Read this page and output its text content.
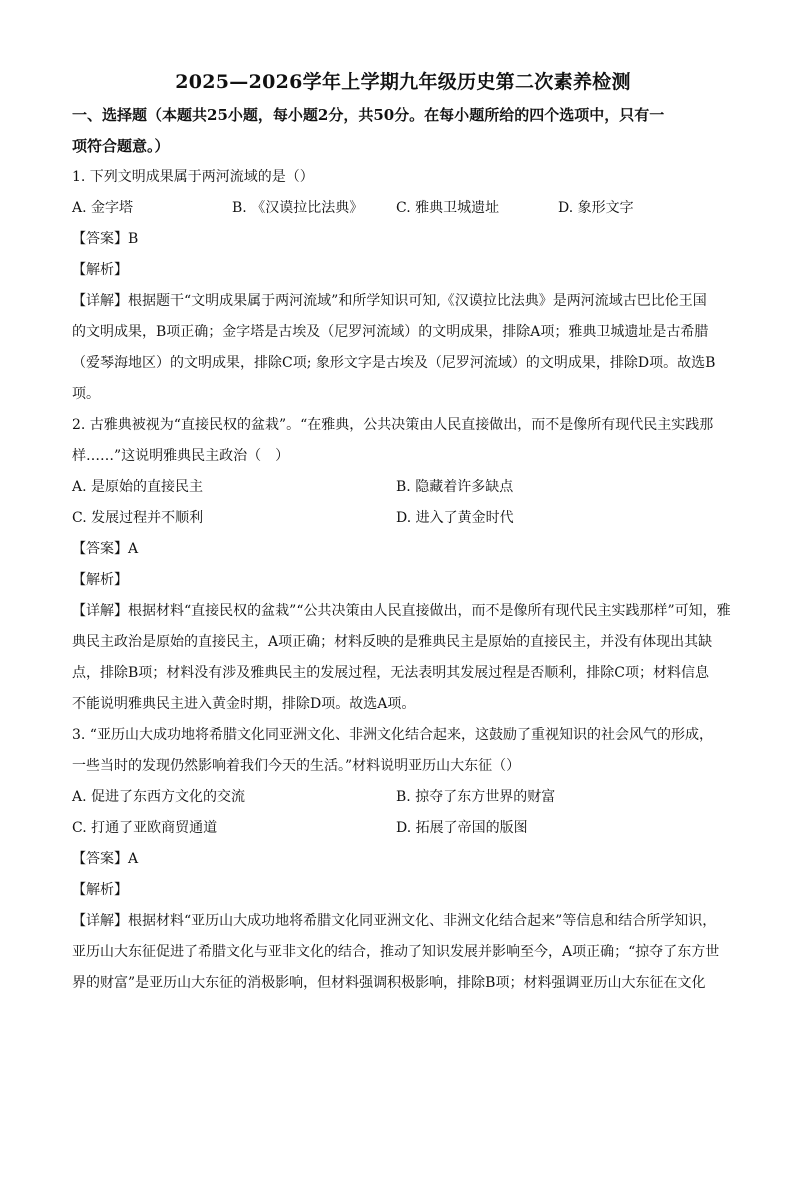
2025—2026学年上学期九年级历史第二次素养检测
一、选择题（本题共25小题，每小题2分，共50分。在每小题所给的四个选项中，只有一
项符合题意。）
1. 下列文明成果属于两河流域的是（）
A. 金字塔	B. 《汉谟拉比法典》	C. 雅典卫城遗址	D. 象形文字
【答案】B
【解析】
【详解】根据题干“文明成果属于两河流域”和所学知识可知,《汉谟拉比法典》是两河流域古巴比伦王国
的文明成果，B项正确；金字塔是古埃及（尼罗河流域）的文明成果，排除A项；雅典卫城遗址是古希腊
（爱琴海地区）的文明成果，排除C项; 象形文字是古埃及（尼罗河流域）的文明成果，排除D项。故选B
项。
2. 古雅典被视为“直接民权的盆栽”。“在雅典，公共决策由人民直接做出，而不是像所有现代民主实践那
样……”这说明雅典民主政治（　）
A. 是原始的直接民主	B. 隐藏着许多缺点
C. 发展过程并不顺利	D. 进入了黄金时代
【答案】A
【解析】
【详解】根据材料“直接民权的盆栽”“公共决策由人民直接做出，而不是像所有现代民主实践那样”可知，雅
典民主政治是原始的直接民主，A项正确；材料反映的是雅典民主是原始的直接民主，并没有体现出其缺
点，排除B项；材料没有涉及雅典民主的发展过程，无法表明其发展过程是否顺利，排除C项；材料信息
不能说明雅典民主进入黄金时期，排除D项。故选A项。
3. “亚历山大成功地将希腊文化同亚洲文化、非洲文化结合起来，这鼓励了重视知识的社会风气的形成，
一些当时的发现仍然影响着我们今天的生活。”材料说明亚历山大东征（）
A. 促进了东西方文化的交流	B. 掠夺了东方世界的财富
C. 打通了亚欧商贸通道	D. 拓展了帝国的版图
【答案】A
【解析】
【详解】根据材料“亚历山大成功地将希腊文化同亚洲文化、非洲文化结合起来”等信息和结合所学知识，
亚历山大东征促进了希腊文化与亚非文化的结合，推动了知识发展并影响至今，A项正确；“掠夺了东方世
界的财富”是亚历山大东征的消极影响，但材料强调积极影响，排除B项；材料强调亚历山大东征在文化
